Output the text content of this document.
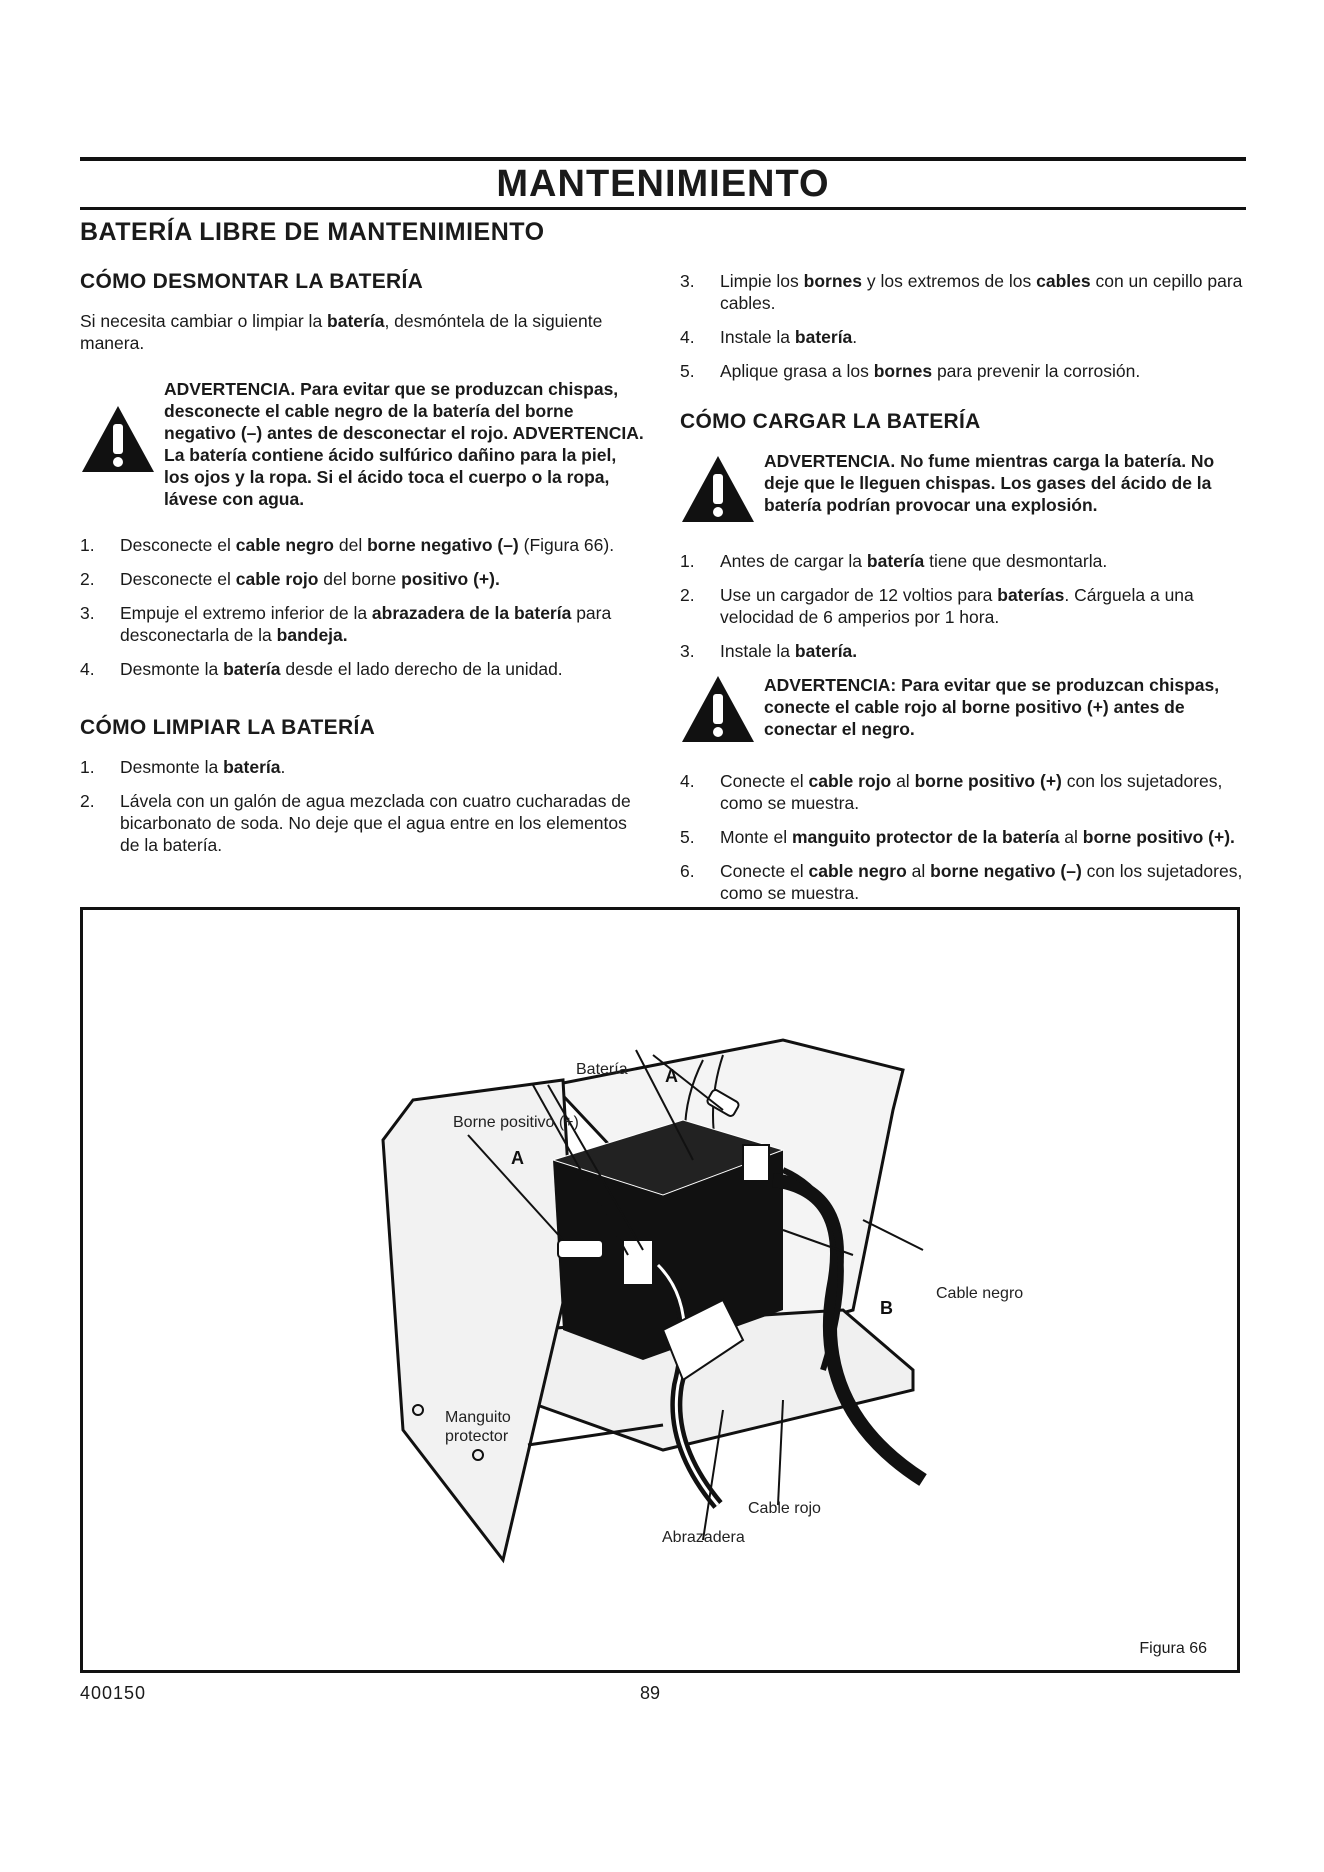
MANTENIMIENTO
BATERÍA LIBRE DE MANTENIMIENTO
CÓMO DESMONTAR LA BATERÍA

Si necesita cambiar o limpiar la batería, desmóntela de la siguiente manera.

ADVERTENCIA. Para evitar que se produzcan chispas, desconecte el cable negro de la batería del borne negativo (–) antes de desconectar el rojo. ADVERTENCIA. La batería contiene ácido sulfúrico dañino para la piel, los ojos y la ropa. Si el ácido toca el cuerpo o la ropa, lávese con agua.
1.	Desconecte el cable negro del borne negativo (–) (Figura 66).
2.	Desconecte el cable rojo del borne positivo (+).
3.	Empuje el extremo inferior de la abrazadera de la batería para desconectarla de la bandeja.
4.	Desmonte la batería desde el lado derecho de la unidad.
CÓMO LIMPIAR LA BATERÍA
1.	Desmonte la batería.
2.	Lávela con un galón de agua mezclada con cuatro cucharadas de bicarbonato de soda. No deje que el agua entre en los elementos de la batería.
3.	Limpie los bornes y los extremos de los cables con un cepillo para cables.
4.	Instale la batería.
5.	Aplique grasa a los bornes para prevenir la corrosión.
CÓMO CARGAR LA BATERÍA
ADVERTENCIA. No fume mientras carga la batería. No deje que le lleguen chispas. Los gases del ácido de la batería podrían provocar una explosión.
1.	Antes de cargar la batería tiene que desmontarla.
2.	Use un cargador de 12 voltios para baterías. Cárguela a una velocidad de 6 amperios por 1 hora.
3.	Instale la batería.
ADVERTENCIA: Para evitar que se produzcan chispas, conecte el cable rojo al borne positivo (+) antes de conectar el negro.
4.	Conecte el cable rojo al borne positivo (+) con los sujetadores, como se muestra.
5.	Monte el manguito protector de la batería al borne positivo (+).
6.	Conecte el cable negro al borne negativo (–) con los sujetadores, como se muestra.
Batería A
Borne positivo (+)
A
Cable negro
B
Manguito protector
Cable rojo
Abrazadera
Figura 66
400150	89
